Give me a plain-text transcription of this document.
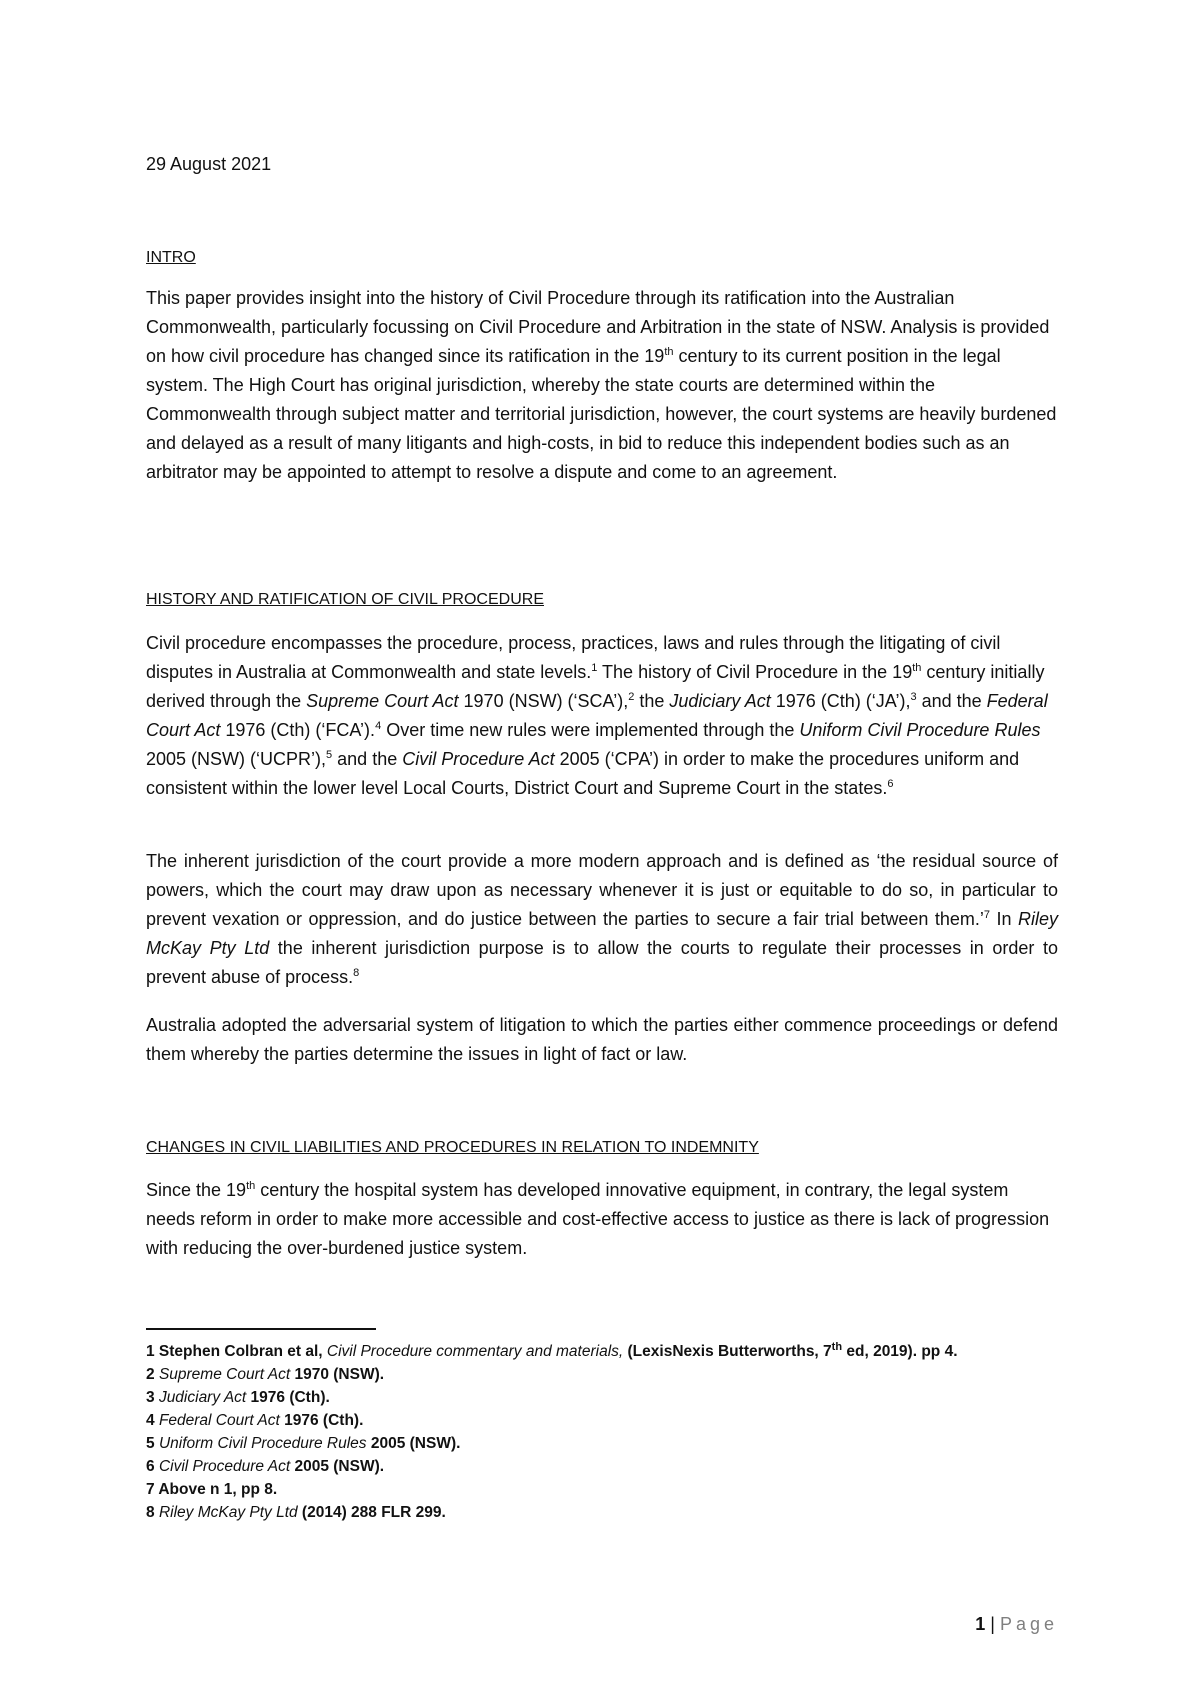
29 August 2021
INTRO
This paper provides insight into the history of Civil Procedure through its ratification into the Australian Commonwealth, particularly focussing on Civil Procedure and Arbitration in the state of NSW. Analysis is provided on how civil procedure has changed since its ratification in the 19th century to its current position in the legal system. The High Court has original jurisdiction, whereby the state courts are determined within the Commonwealth through subject matter and territorial jurisdiction, however, the court systems are heavily burdened and delayed as a result of many litigants and high-costs, in bid to reduce this independent bodies such as an arbitrator may be appointed to attempt to resolve a dispute and come to an agreement.
HISTORY AND RATIFICATION OF CIVIL PROCEDURE
Civil procedure encompasses the procedure, process, practices, laws and rules through the litigating of civil disputes in Australia at Commonwealth and state levels.$^1$ The history of Civil Procedure in the 19th century initially derived through the Supreme Court Act 1970 (NSW) (‘SCA’),$^2$ the Judiciary Act 1976 (Cth) (‘JA’),$^3$ and the Federal Court Act 1976 (Cth) (‘FCA’).$^4$ Over time new rules were implemented through the Uniform Civil Procedure Rules 2005 (NSW) (‘UCPR’),$^5$ and the Civil Procedure Act 2005 (‘CPA’) in order to make the procedures uniform and consistent within the lower level Local Courts, District Court and Supreme Court in the states.$^6$
The inherent jurisdiction of the court provide a more modern approach and is defined as ‘the residual source of powers, which the court may draw upon as necessary whenever it is just or equitable to do so, in particular to prevent vexation or oppression, and do justice between the parties to secure a fair trial between them.’$^7$ In Riley McKay Pty Ltd the inherent jurisdiction purpose is to allow the courts to regulate their processes in order to prevent abuse of process.$^8$
Australia adopted the adversarial system of litigation to which the parties either commence proceedings or defend them whereby the parties determine the issues in light of fact or law.
CHANGES IN CIVIL LIABILITIES AND PROCEDURES IN RELATION TO INDEMNITY
Since the 19th century the hospital system has developed innovative equipment, in contrary, the legal system needs reform in order to make more accessible and cost-effective access to justice as there is lack of progression with reducing the over-burdened justice system.
1 Stephen Colbran et al, Civil Procedure commentary and materials, (LexisNexis Butterworths, 7th ed, 2019). pp 4.
2 Supreme Court Act 1970 (NSW).
3 Judiciary Act 1976 (Cth).
4 Federal Court Act 1976 (Cth).
5 Uniform Civil Procedure Rules 2005 (NSW).
6 Civil Procedure Act 2005 (NSW).
7 Above n 1, pp 8.
8 Riley McKay Pty Ltd (2014) 288 FLR 299.
1 | Page
